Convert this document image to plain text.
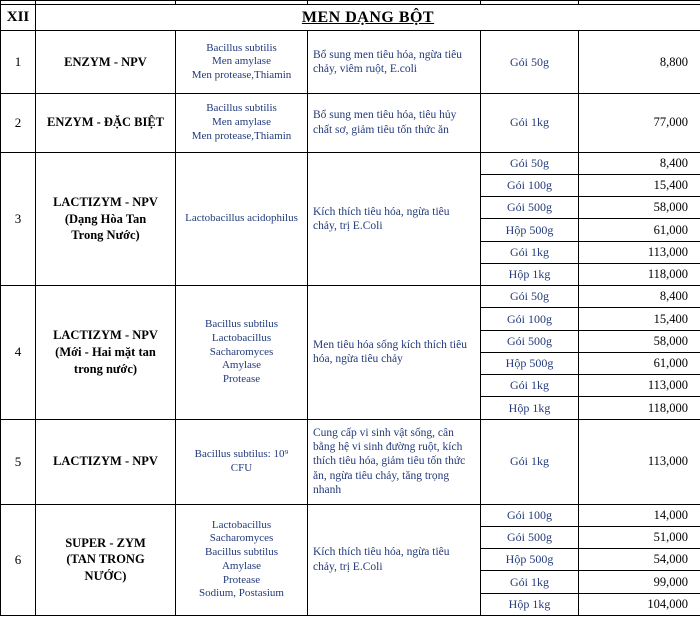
XII	MEN DẠNG BỘT				
1	ENZYM - NPV	Bacillus subtilis
Men amylase
Men protease,Thiamin	Bổ sung men tiêu hóa, ngừa tiêu chảy, viêm ruột, E.coli	Gói 50g	8,800
2	ENZYM - ĐẶC BIỆT	Bacillus subtilis
Men amylase
Men protease,Thiamin	Bổ sung men tiêu hóa, tiêu hủy chất sơ, giảm tiêu tốn thức ăn	Gói 1kg	77,000
3	LACTIZYM - NPV
(Dạng Hòa Tan
Trong Nước)	Lactobacillus acidophilus	Kích thích tiêu hóa, ngừa tiêu chảy, trị E.Coli	Gói 50g	8,400
				Gói 100g	15,400
				Gói 500g	58,000
				Hộp 500g	61,000
				Gói 1kg	113,000
				Hộp 1kg	118,000
4	LACTIZYM - NPV
(Mới - Hai mặt tan
trong nước)	Bacillus subtilus
Lactobacillus
Sacharomyces
Amylase
Protease	Men tiêu hóa sống kích thích tiêu hóa, ngừa tiêu chảy	Gói 50g	8,400
				Gói 100g	15,400
				Gói 500g	58,000
				Hộp 500g	61,000
				Gói 1kg	113,000
				Hộp 1kg	118,000
5	LACTIZYM - NPV	Bacillus subtilus: 10⁹
CFU	Cung cấp vi sinh vật sống, cân bằng hệ vi sinh đường ruột, kích thích tiêu hóa, giảm tiêu tốn thức ăn, ngừa tiêu chảy, tăng trọng nhanh	Gói 1kg	113,000
6	SUPER - ZYM
(TAN TRONG
NƯỚC)	Lactobacillus
Sacharomyces
Bacillus subtilus
Amylase
Protease
Sodium, Postasium	Kích thích tiêu hóa, ngừa tiêu chảy, trị E.Coli	Gói 100g	14,000
				Gói 500g	51,000
				Hộp 500g	54,000
				Gói 1kg	99,000
				Hộp 1kg	104,000
